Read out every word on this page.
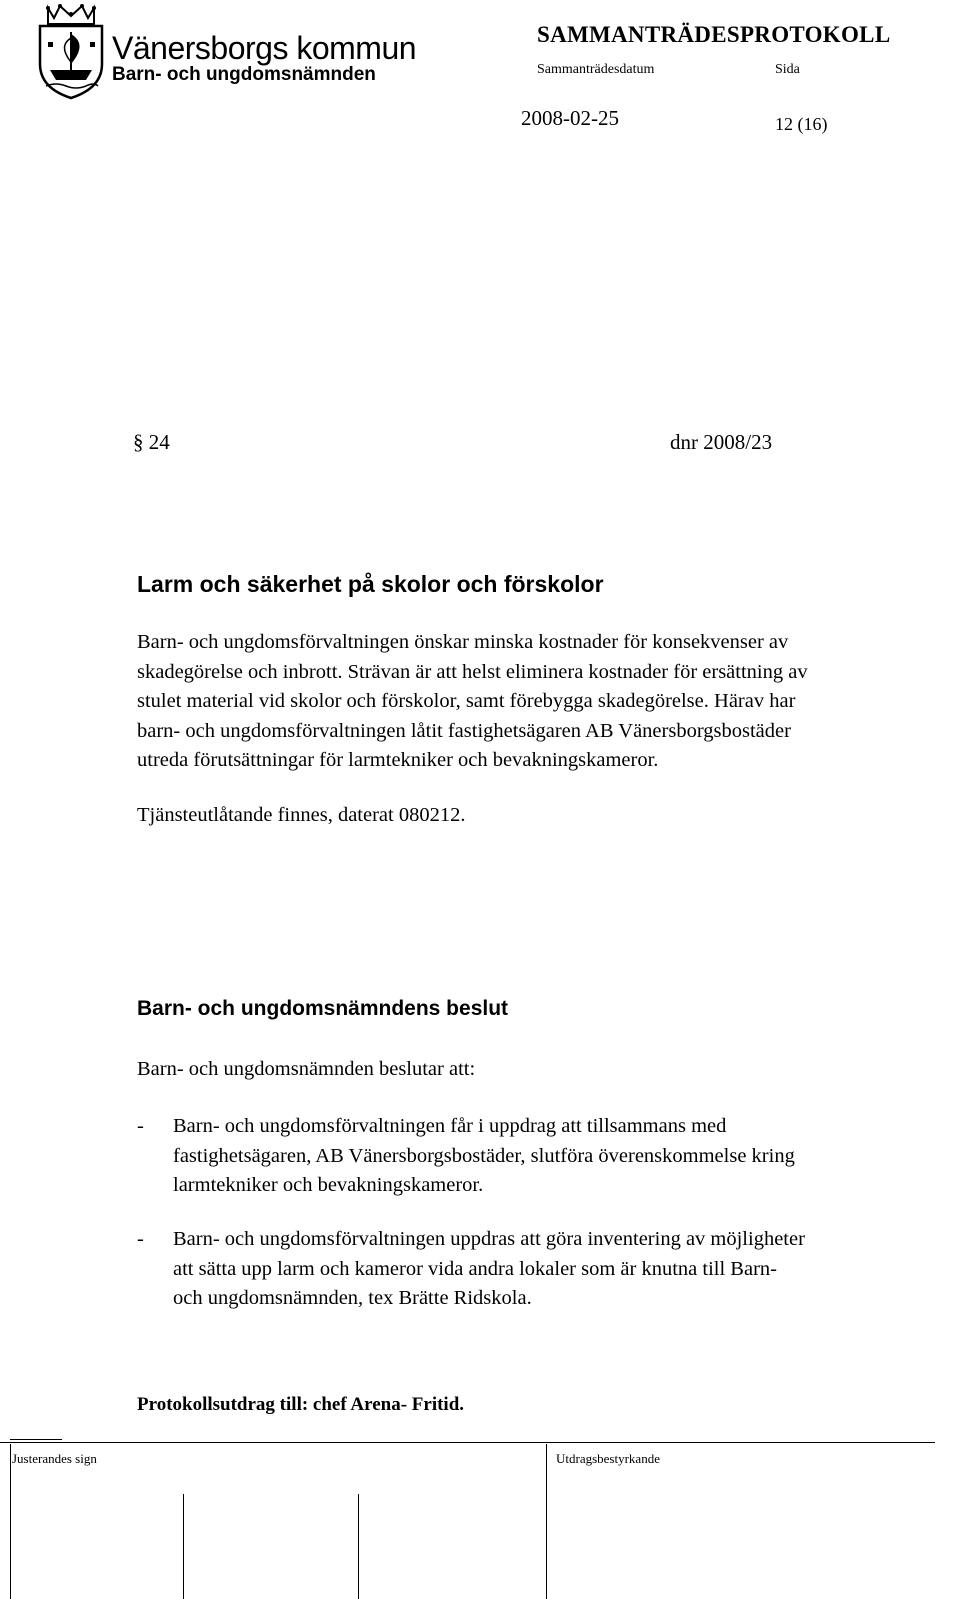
Vänersborgs kommun
Barn- och ungdomsnämnden
SAMMANTRÄDESPROTOKOLL
Sammanträdesdatum	Sida
2008-02-25	12 (16)
§ 24	dnr 2008/23
Larm och säkerhet på skolor och förskolor
Barn- och ungdomsförvaltningen önskar minska kostnader för konsekvenser av
skadegörelse och inbrott. Strävan är att helst eliminera kostnader för ersättning av
stulet material vid skolor och förskolor, samt förebygga skadegörelse. Härav har
barn- och ungdomsförvaltningen låtit fastighetsägaren AB Vänersborgsbostäder
utreda förutsättningar för larmtekniker och bevakningskameror.
Tjänsteutlåtande finnes, daterat 080212.
Barn- och ungdomsnämndens beslut
Barn- och ungdomsnämnden beslutar att:
- Barn- och ungdomsförvaltningen får i uppdrag att tillsammans med
fastighetsägaren, AB Vänersborgsbostäder, slutföra överenskommelse kring
larmtekniker och bevakningskameror.
- Barn- och ungdomsförvaltningen uppdras att göra inventering av möjligheter
att sätta upp larm och kameror vida andra lokaler som är knutna till Barn-
och ungdomsnämnden, tex Brätte Ridskola.
Protokollsutdrag till: chef Arena- Fritid.
Justerandes sign	Utdragsbestyrkande
